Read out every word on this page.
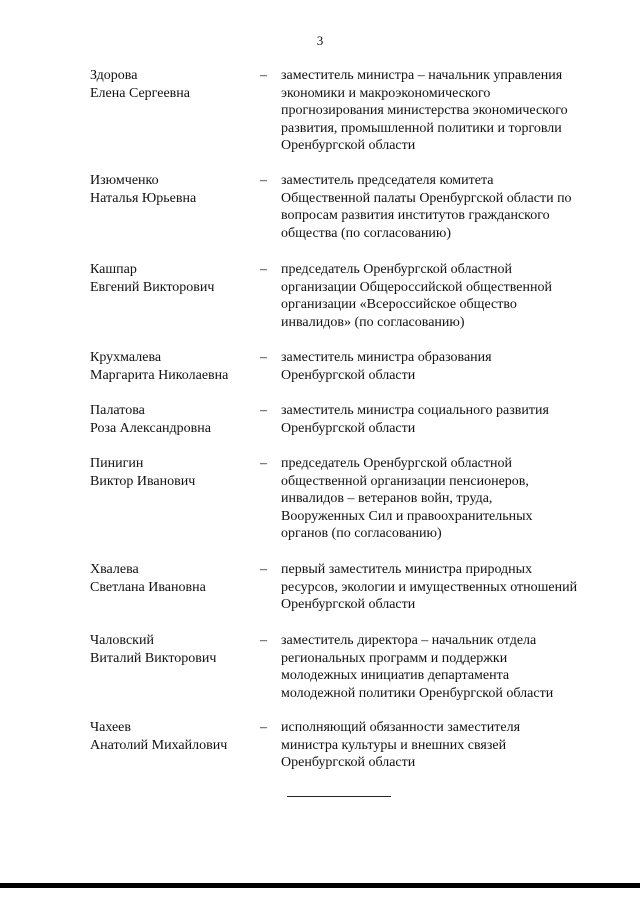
3
Здорова
Елена Сергеевна
– заместитель министра – начальник управления
экономики и макроэкономического
прогнозирования министерства экономического
развития, промышленной политики и торговли
Оренбургской области
Изюмченко
Наталья Юрьевна
– заместитель председателя комитета
Общественной палаты Оренбургской области по
вопросам развития институтов гражданского
общества (по согласованию)
Кашпар
Евгений Викторович
– председатель Оренбургской областной
организации Общероссийской общественной
организации «Всероссийское общество
инвалидов» (по согласованию)
Крухмалева
Маргарита Николаевна
– заместитель министра образования
Оренбургской области
Палатова
Роза Александровна
– заместитель министра социального развития
Оренбургской области
Пинигин
Виктор Иванович
– председатель Оренбургской областной
общественной организации пенсионеров,
инвалидов – ветеранов войн, труда,
Вооруженных Сил и правоохранительных
органов (по согласованию)
Хвалева
Светлана Ивановна
– первый заместитель министра природных
ресурсов, экологии и имущественных отношений
Оренбургской области
Чаловский
Виталий Викторович
– заместитель директора – начальник отдела
региональных программ и поддержки
молодежных инициатив департамента
молодежной политики Оренбургской области
Чахеев
Анатолий Михайлович
– исполняющий обязанности заместителя
министра культуры и внешних связей
Оренбургской области
